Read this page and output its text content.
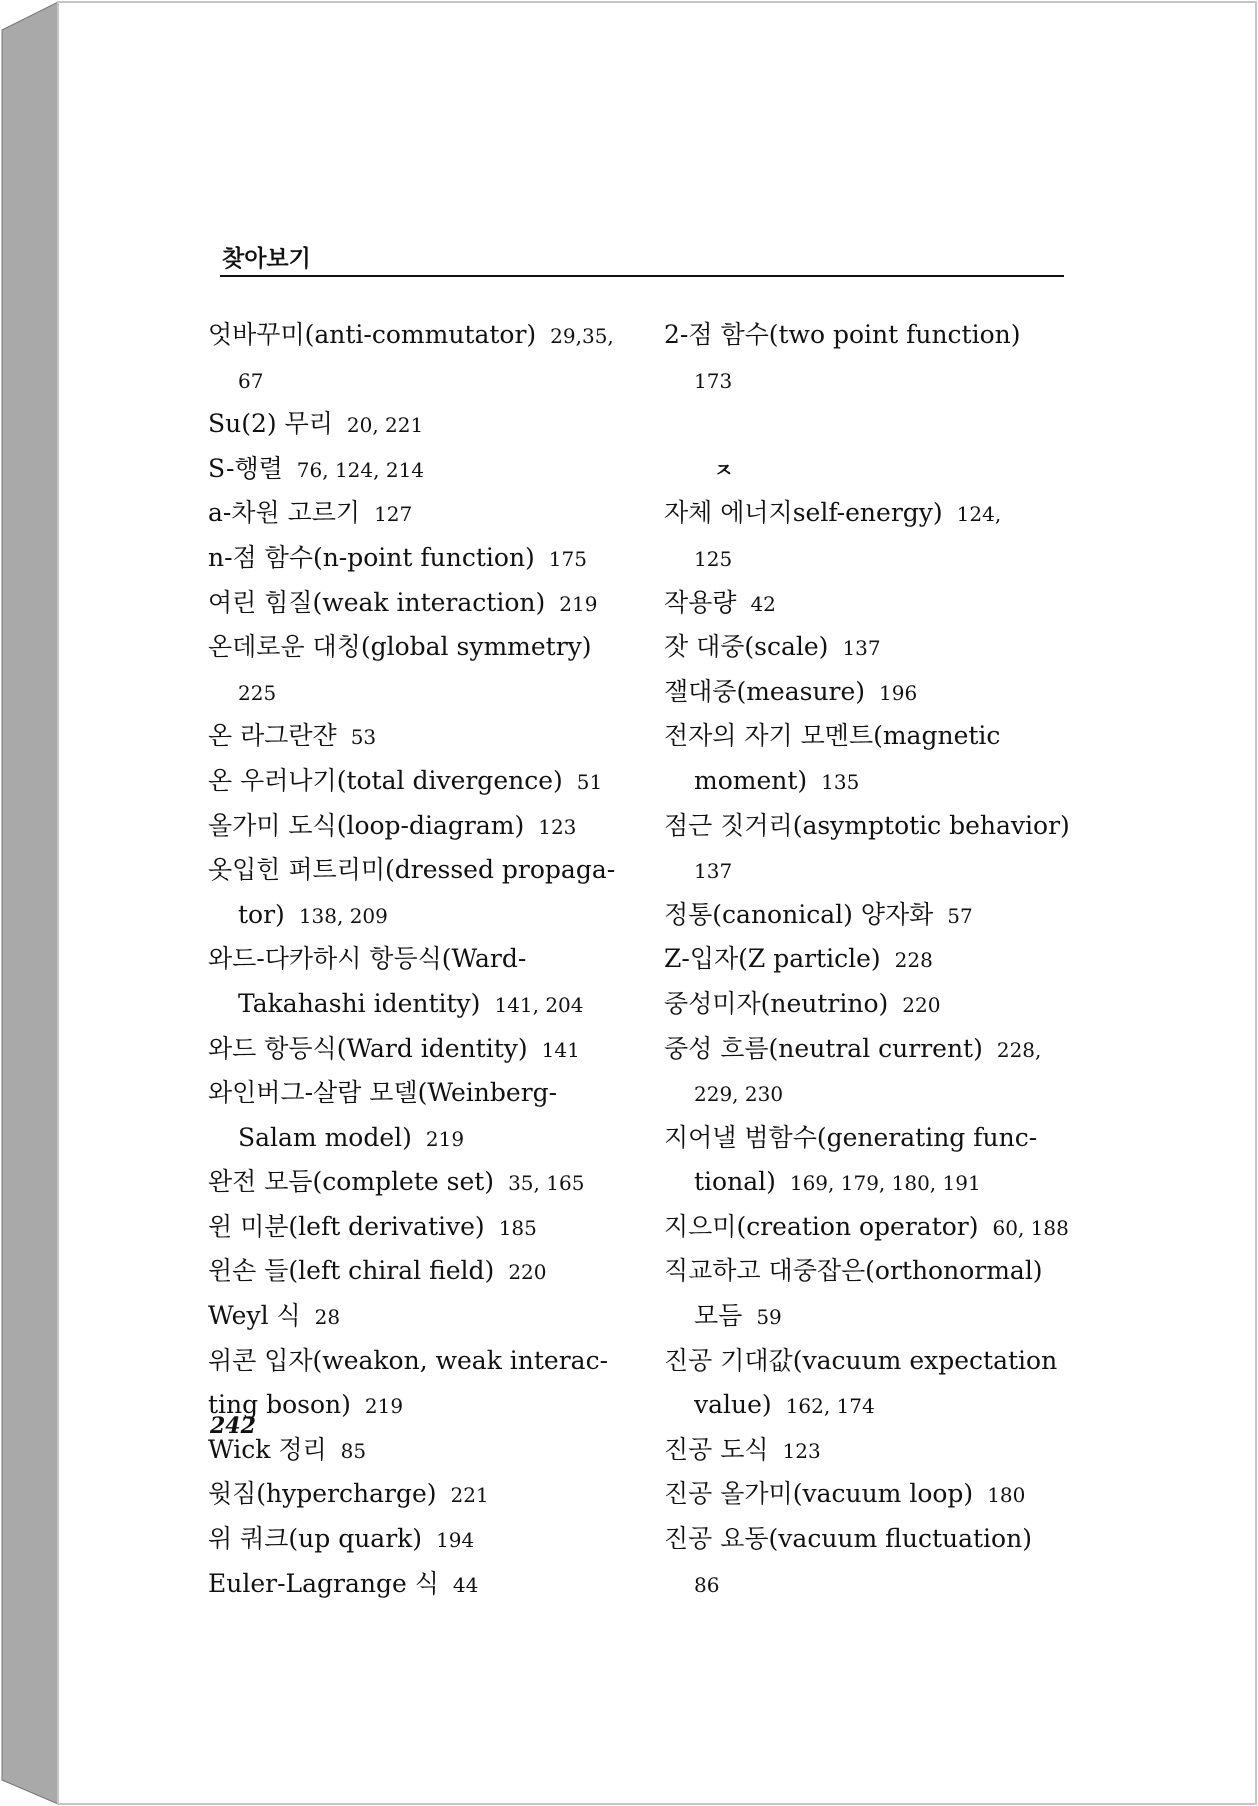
찾아보기
엇바꾸미(anti-commutator) 29,35,
67
Su(2) 무리 20, 221
S-행렬 76, 124, 214
a-차원 고르기 127
n-점 함수(n-point function) 175
여린 힘질(weak interaction) 219
온데로운 대칭(global symmetry)
225
온 라그란쟌 53
온 우러나기(total divergence) 51
올가미 도식(loop-diagram) 123
옷입힌 퍼트리미(dressed propaga-
tor) 138, 209
와드-다카하시 항등식(Ward-
Takahashi identity) 141, 204
와드 항등식(Ward identity) 141
와인버그-살람 모델(Weinberg-
Salam model) 219
완전 모듬(complete set) 35, 165
윈 미분(left derivative) 185
윈손 들(left chiral field) 220
Weyl 식 28
위콘 입자(weakon, weak interac-
ting boson) 219
Wick 정리 85
윗짐(hypercharge) 221
위 쿼크(up quark) 194
Euler-Lagrange 식 44
2-점 함수(two point function)
173
ㅈ
자체 에너지self-energy) 124,
125
작용량 42
잣 대중(scale) 137
잴대중(measure) 196
전자의 자기 모멘트(magnetic
moment) 135
점근 짓거리(asymptotic behavior)
137
정통(canonical) 양자화 57
Z-입자(Z particle) 228
중성미자(neutrino) 220
중성 흐름(neutral current) 228,
229, 230
지어낼 범함수(generating func-
tional) 169, 179, 180, 191
지으미(creation operator) 60, 188
직교하고 대중잡은(orthonormal)
모듬 59
진공 기대값(vacuum expectation
value) 162, 174
진공 도식 123
진공 올가미(vacuum loop) 180
진공 요동(vacuum fluctuation)
86
242
